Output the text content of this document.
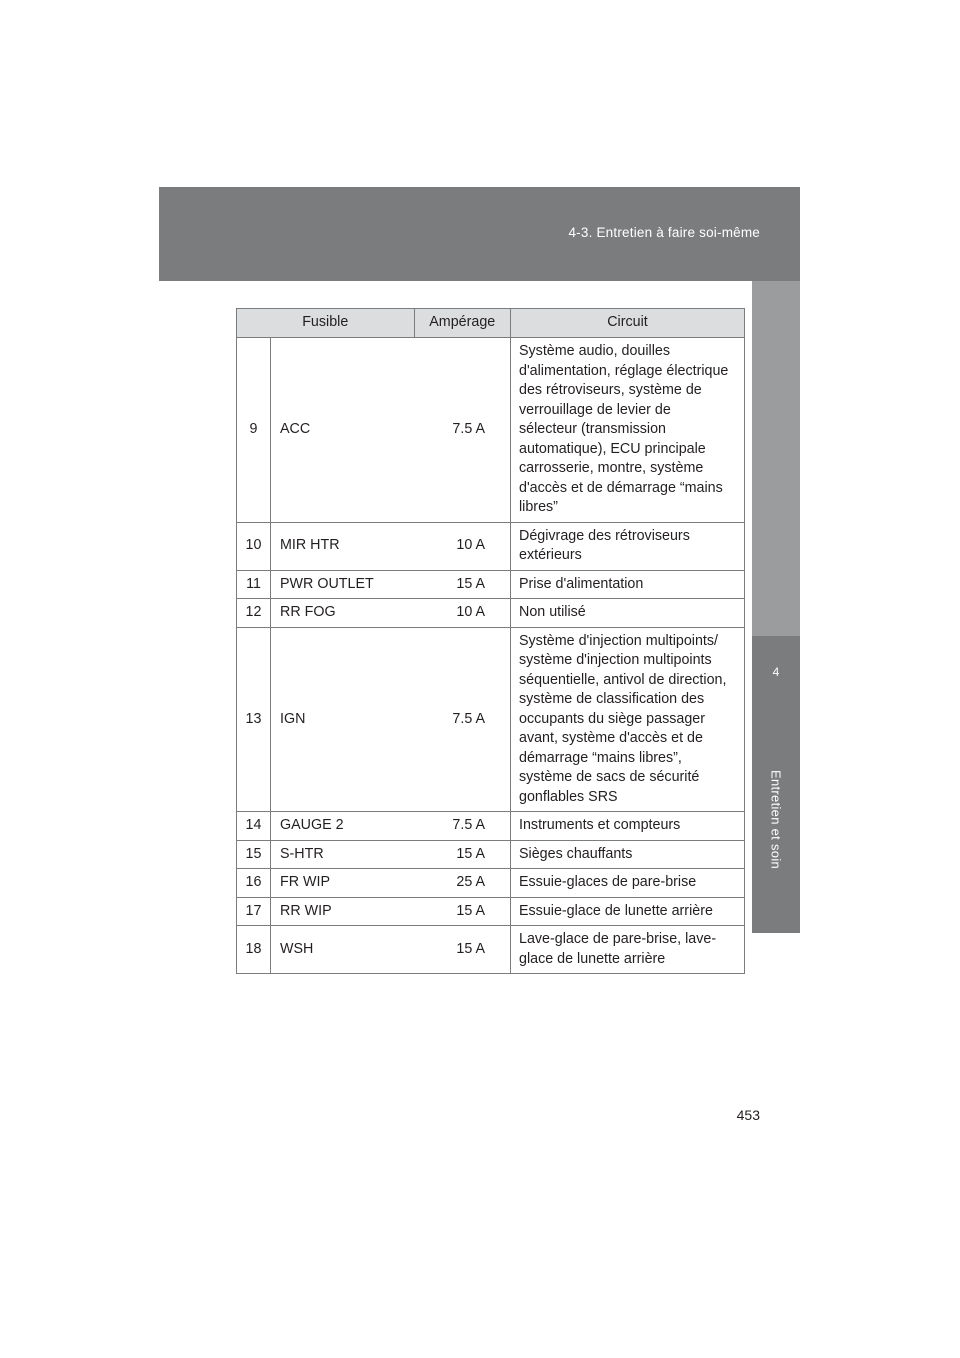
4-3. Entretien à faire soi-même
4
Entretien et soin
Fusible		Ampérage	Circuit
9	ACC	7.5 A	Système audio, douilles d'alimentation, réglage électrique des rétroviseurs, système de verrouillage de levier de sélecteur (transmission automatique), ECU principale carrosserie, montre, système d'accès et de démarrage “mains libres”
10	MIR HTR	10 A	Dégivrage des rétroviseurs extérieurs
11	PWR OUTLET	15 A	Prise d'alimentation
12	RR FOG	10 A	Non utilisé
13	IGN	7.5 A	Système d'injection multipoints/ système d'injection multipoints séquentielle, antivol de direction, système de classification des occupants du siège passager avant, système d'accès et de démarrage “mains libres”, système de sacs de sécurité gonflables SRS
14	GAUGE 2	7.5 A	Instruments et compteurs
15	S-HTR	15 A	Sièges chauffants
16	FR WIP	25 A	Essuie-glaces de pare-brise
17	RR WIP	15 A	Essuie-glace de lunette arrière
18	WSH	15 A	Lave-glace de pare-brise, lave-glace de lunette arrière
453
